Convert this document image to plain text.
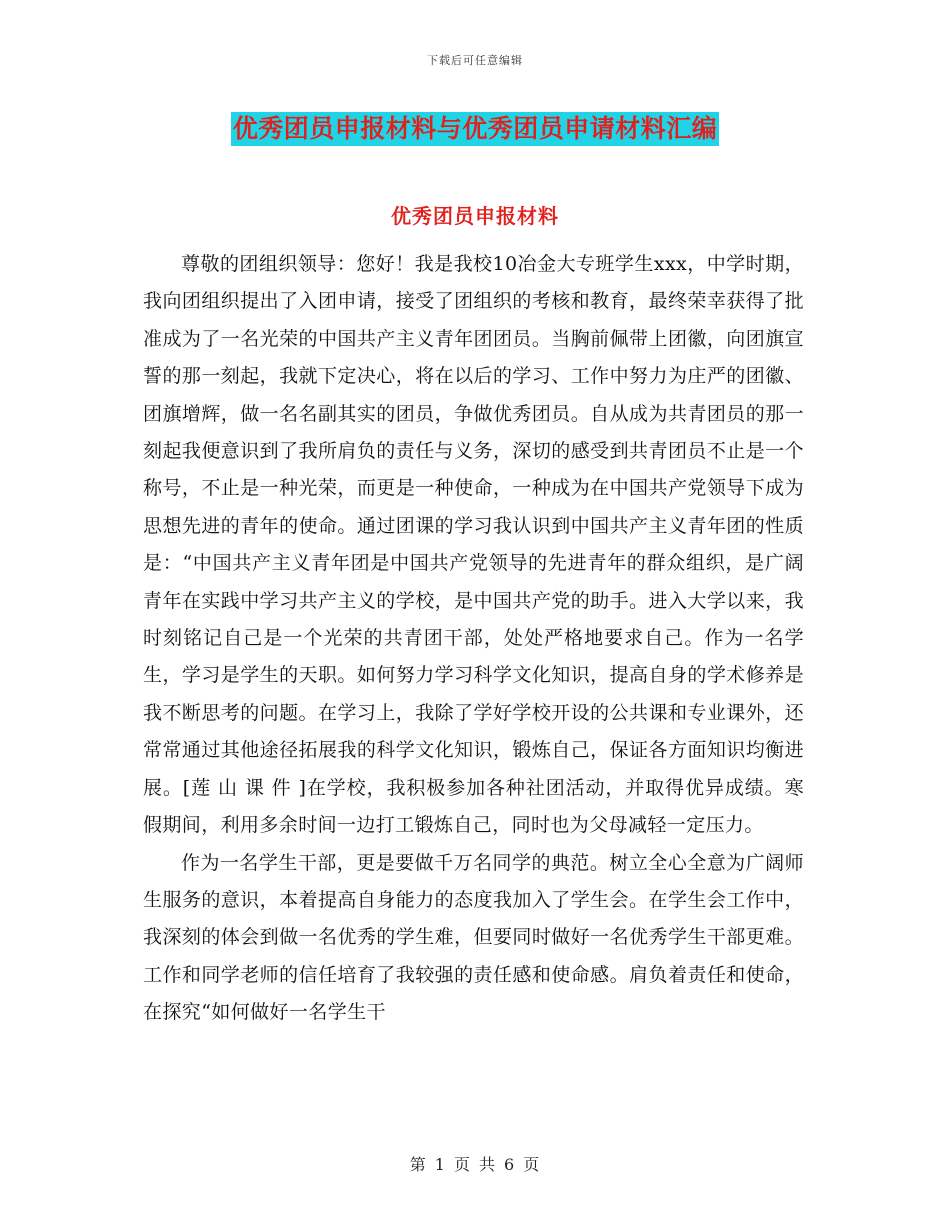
下载后可任意编辑
优秀团员申报材料与优秀团员申请材料汇编
优秀团员申报材料

尊敬的团组织领导：您好！我是我校10冶金大专班学生xxx，中学时期，我向团组织提出了入团申请，接受了团组织的考核和教育，最终荣幸获得了批准成为了一名光荣的中国共产主义青年团团员。当胸前佩带上团徽，向团旗宣誓的那一刻起，我就下定决心，将在以后的学习、工作中努力为庄严的团徽、团旗增辉，做一名名副其实的团员，争做优秀团员。自从成为共青团员的那一刻起我便意识到了我所肩负的责任与义务，深切的感受到共青团员不止是一个称号，不止是一种光荣，而更是一种使命，一种成为在中国共产党领导下成为思想先进的青年的使命。通过团课的学习我认识到中国共产主义青年团的性质是：“中国共产主义青年团是中国共产党领导的先进青年的群众组织，是广阔青年在实践中学习共产主义的学校，是中国共产党的助手。进入大学以来，我时刻铭记自己是一个光荣的共青团干部，处处严格地要求自己。作为一名学生，学习是学生的天职。如何努力学习科学文化知识，提高自身的学术修养是我不断思考的问题。在学习上，我除了学好学校开设的公共课和专业课外，还常常通过其他途径拓展我的科学文化知识，锻炼自己，保证各方面知识均衡进展。[莲 山 课 件 ]在学校，我积极参加各种社团活动，并取得优异成绩。寒假期间，利用多余时间一边打工锻炼自己，同时也为父母减轻一定压力。

作为一名学生干部，更是要做千万名同学的典范。树立全心全意为广阔师生服务的意识，本着提高自身能力的态度我加入了学生会。在学生会工作中，我深刻的体会到做一名优秀的学生难，但要同时做好一名优秀学生干部更难。工作和同学老师的信任培育了我较强的责任感和使命感。肩负着责任和使命，在探究“如何做好一名学生干

第 1 页 共 6 页
